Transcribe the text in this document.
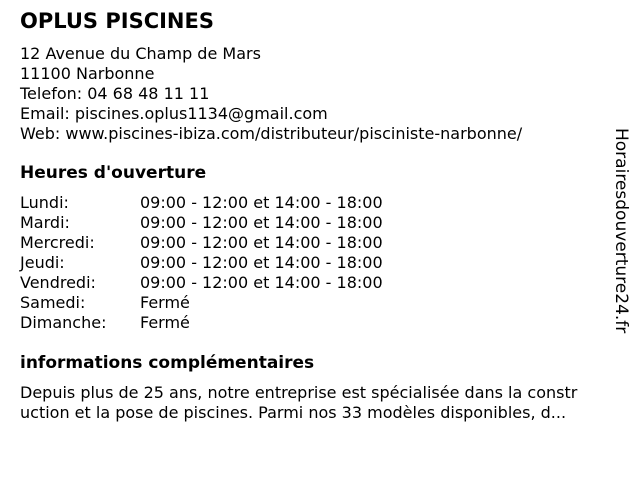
OPLUS PISCINES
12 Avenue du Champ de Mars
11100 Narbonne
Telefon: 04 68 48 11 11
Email: piscines.oplus1134@gmail.com
Web: www.piscines-ibiza.com/distributeur/pisciniste-narbonne/
Heures d'ouverture
Lundi:	09:00 - 12:00 et 14:00 - 18:00
Mardi:	09:00 - 12:00 et 14:00 - 18:00
Mercredi:	09:00 - 12:00 et 14:00 - 18:00
Jeudi:	09:00 - 12:00 et 14:00 - 18:00
Vendredi:	09:00 - 12:00 et 14:00 - 18:00
Samedi:	Fermé
Dimanche:	Fermé
informations complémentaires
Depuis plus de 25 ans, notre entreprise est spécialisée dans la constr
uction et la pose de piscines. Parmi nos 33 modèles disponibles, d...
Horairesdouverture24.fr
